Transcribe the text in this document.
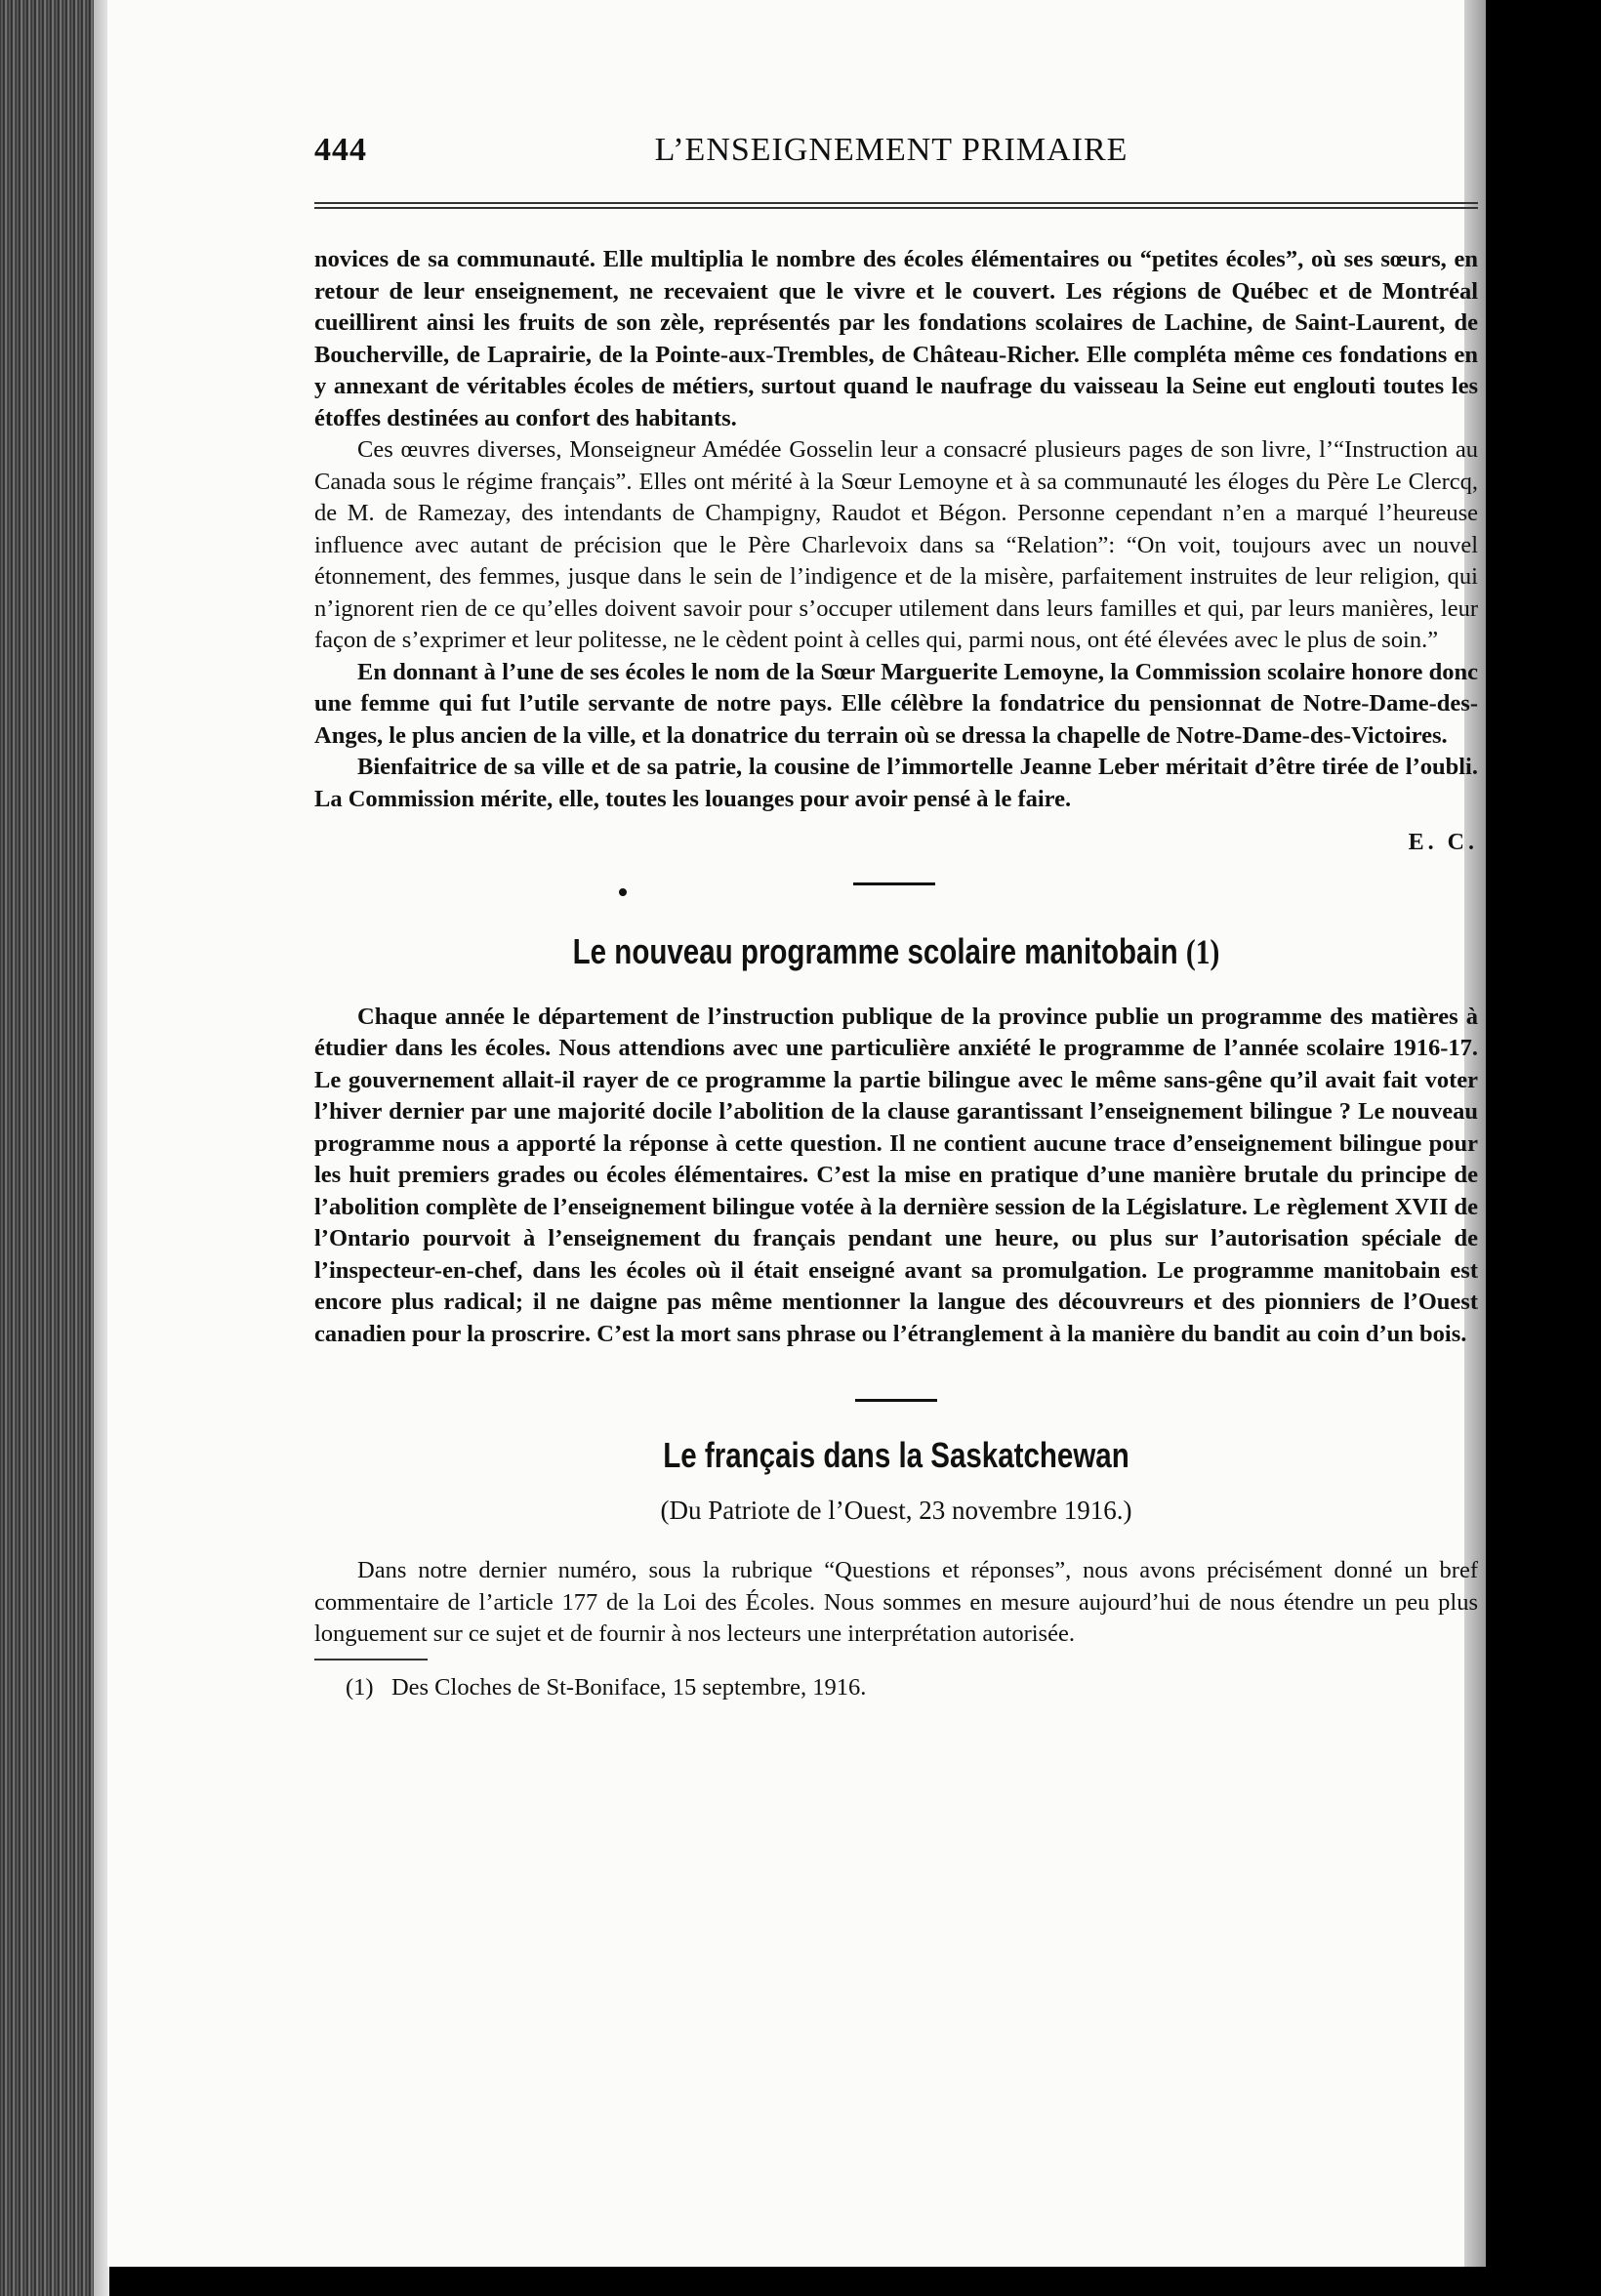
444	L’ENSEIGNEMENT PRIMAIRE

novices de sa communauté. Elle multiplia le nombre des écoles élémentaires ou “petites écoles”, où ses sœurs, en retour de leur enseignement, ne recevaient que le vivre et le couvert. Les régions de Québec et de Montréal cueillirent ainsi les fruits de son zèle, représentés par les fondations scolaires de Lachine, de Saint-Laurent, de Boucherville, de Laprairie, de la Pointe-aux-Trembles, de Château-Richer. Elle compléta même ces fondations en y annexant de véritables écoles de métiers, surtout quand le naufrage du vaisseau la Seine eut englouti toutes les étoffes destinées au confort des habitants.

Ces œuvres diverses, Monseigneur Amédée Gosselin leur a consacré plusieurs pages de son livre, l’“Instruction au Canada sous le régime français”. Elles ont mérité à la Sœur Lemoyne et à sa communauté les éloges du Père Le Clercq, de M. de Ramezay, des intendants de Champigny, Raudot et Bégon. Personne cependant n’en a marqué l’heureuse influence avec autant de précision que le Père Charlevoix dans sa “Relation”: “On voit, toujours avec un nouvel étonnement, des femmes, jusque dans le sein de l’indigence et de la misère, parfaitement instruites de leur religion, qui n’ignorent rien de ce qu’elles doivent savoir pour s’occuper utilement dans leurs familles et qui, par leurs manières, leur façon de s’exprimer et leur politesse, ne le cèdent point à celles qui, parmi nous, ont été élevées avec le plus de soin.”

En donnant à l’une de ses écoles le nom de la Sœur Marguerite Lemoyne, la Commission scolaire honore donc une femme qui fut l’utile servante de notre pays. Elle célèbre la fondatrice du pensionnat de Notre-Dame-des-Anges, le plus ancien de la ville, et la donatrice du terrain où se dressa la chapelle de Notre-Dame-des-Victoires.

Bienfaitrice de sa ville et de sa patrie, la cousine de l’immortelle Jeanne Leber méritait d’être tirée de l’oubli. La Commission mérite, elle, toutes les louanges pour avoir pensé à le faire.

E. C.
Le nouveau programme scolaire manitobain (1)

Chaque année le département de l’instruction publique de la province publie un programme des matières à étudier dans les écoles. Nous attendions avec une particulière anxiété le programme de l’année scolaire 1916-17. Le gouvernement allait-il rayer de ce programme la partie bilingue avec le même sans-gêne qu’il avait fait voter l’hiver dernier par une majorité docile l’abolition de la clause garantissant l’enseignement bilingue ? Le nouveau programme nous a apporté la réponse à cette question. Il ne contient aucune trace d’enseignement bilingue pour les huit premiers grades ou écoles élémentaires. C’est la mise en pratique d’une manière brutale du principe de l’abolition complète de l’enseignement bilingue votée à la dernière session de la Législature. Le règlement XVII de l’Ontario pourvoit à l’enseignement du français pendant une heure, ou plus sur l’autorisation spéciale de l’inspecteur-en-chef, dans les écoles où il était enseigné avant sa promulgation. Le programme manitobain est encore plus radical; il ne daigne pas même mentionner la langue des découvreurs et des pionniers de l’Ouest canadien pour la proscrire. C’est la mort sans phrase ou l’étranglement à la manière du bandit au coin d’un bois.

Le français dans la Saskatchewan
(Du Patriote de l’Ouest, 23 novembre 1916.)

Dans notre dernier numéro, sous la rubrique “Questions et réponses”, nous avons précisément donné un bref commentaire de l’article 177 de la Loi des Écoles. Nous sommes en mesure aujourd’hui de nous étendre un peu plus longuement sur ce sujet et de fournir à nos lecteurs une interprétation autorisée.

(1) Des Cloches de St-Boniface, 15 septembre, 1916.
